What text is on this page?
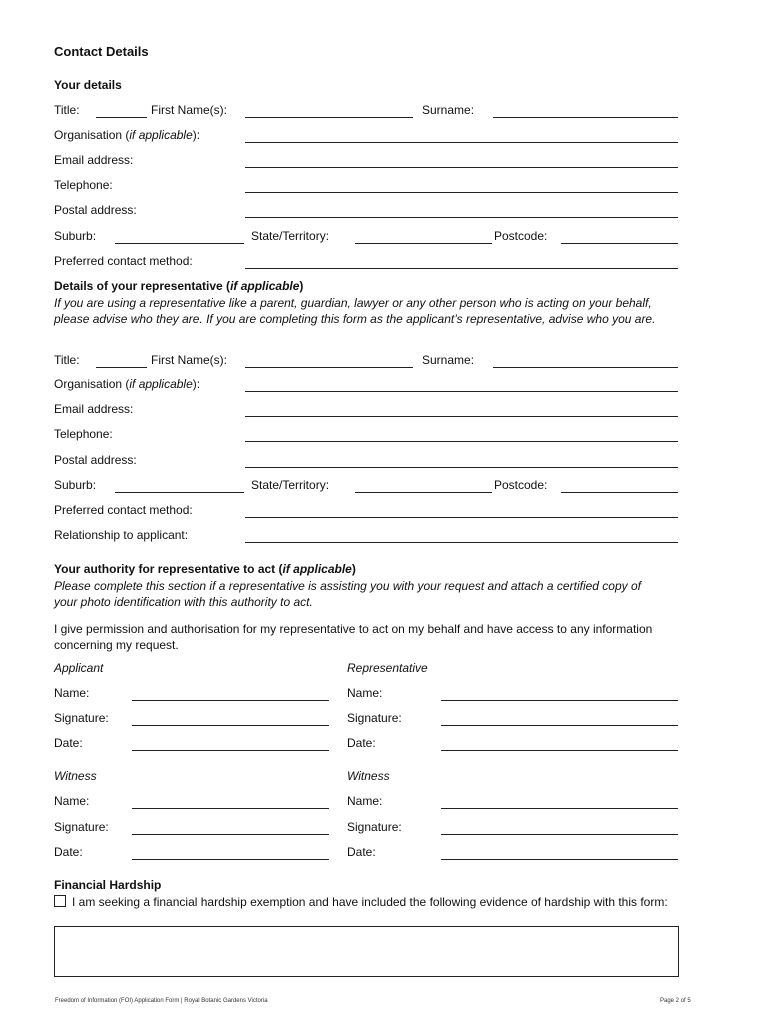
Contact Details
Your details
Title:	First Name(s):	Surname:
Organisation (if applicable):
Email address:
Telephone:
Postal address:
Suburb:	State/Territory:	Postcode:
Preferred contact method:
Details of your representative (if applicable)
If you are using a representative like a parent, guardian, lawyer or any other person who is acting on your behalf, please advise who they are. If you are completing this form as the applicant’s representative, advise who you are.
Title:	First Name(s):	Surname:
Organisation (if applicable):
Email address:
Telephone:
Postal address:
Suburb:	State/Territory:	Postcode:
Preferred contact method:
Relationship to applicant:
Your authority for representative to act (if applicable)
Please complete this section if a representative is assisting you with your request and attach a certified copy of your photo identification with this authority to act.
I give permission and authorisation for my representative to act on my behalf and have access to any information concerning my request.
Applicant	Representative
Name:	Name:
Signature:	Signature:
Date:	Date:
Witness	Witness
Name:	Name:
Signature:	Signature:
Date:	Date:
Financial Hardship
I am seeking a financial hardship exemption and have included the following evidence of hardship with this form:
Freedom of Information (FOI) Application Form | Royal Botanic Gardens Victoria	Page 2 of 5
